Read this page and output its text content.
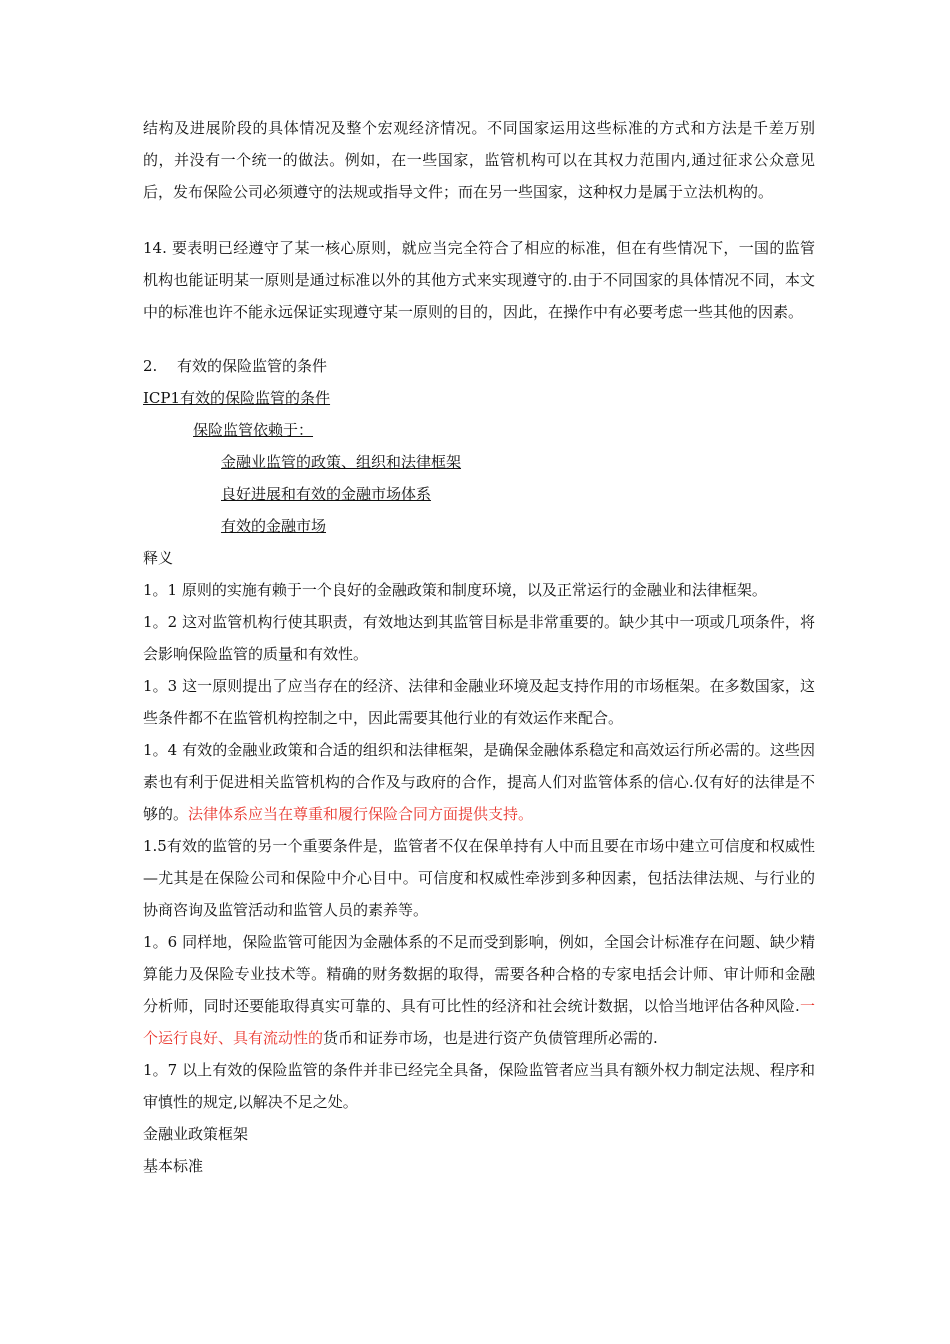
结构及进展阶段的具体情况及整个宏观经济情况。不同国家运用这些标准的方式和方法是千差万别的，并没有一个统一的做法。例如，在一些国家，监管机构可以在其权力范围内,通过征求公众意见后，发布保险公司必须遵守的法规或指导文件；而在另一些国家，这种权力是属于立法机构的。

14. 要表明已经遵守了某一核心原则，就应当完全符合了相应的标准，但在有些情况下，一国的监管机构也能证明某一原则是通过标准以外的其他方式来实现遵守的.由于不同国家的具体情况不同，本文中的标准也许不能永远保证实现遵守某一原则的目的，因此，在操作中有必要考虑一些其他的因素。

2. 有效的保险监管的条件

ICP1有效的保险监管的条件

保险监管依赖于：

金融业监管的政策、组织和法律框架

良好进展和有效的金融市场体系

有效的金融市场

释义

1。1 原则的实施有赖于一个良好的金融政策和制度环境，以及正常运行的金融业和法律框架。

1。2 这对监管机构行使其职责，有效地达到其监管目标是非常重要的。缺少其中一项或几项条件，将会影响保险监管的质量和有效性。

1。3 这一原则提出了应当存在的经济、法律和金融业环境及起支持作用的市场框架。在多数国家，这些条件都不在监管机构控制之中，因此需要其他行业的有效运作来配合。

1。4 有效的金融业政策和合适的组织和法律框架，是确保金融体系稳定和高效运行所必需的。这些因素也有利于促进相关监管机构的合作及与政府的合作，提高人们对监管体系的信心.仅有好的法律是不够的。法律体系应当在尊重和履行保险合同方面提供支持。

1.5有效的监管的另一个重要条件是，监管者不仅在保单持有人中而且要在市场中建立可信度和权威性—尤其是在保险公司和保险中介心目中。可信度和权威性牵涉到多种因素，包括法律法规、与行业的协商咨询及监管活动和监管人员的素养等。

1。6 同样地，保险监管可能因为金融体系的不足而受到影响，例如，全国会计标准存在问题、缺少精算能力及保险专业技术等。精确的财务数据的取得，需要各种合格的专家电括会计师、审计师和金融分析师，同时还要能取得真实可靠的、具有可比性的经济和社会统计数据，以恰当地评估各种风险.一个运行良好、具有流动性的货币和证券市场，也是进行资产负债管理所必需的.

1。7 以上有效的保险监管的条件并非已经完全具备，保险监管者应当具有额外权力制定法规、程序和审慎性的规定,以解决不足之处。

金融业政策框架

基本标准
